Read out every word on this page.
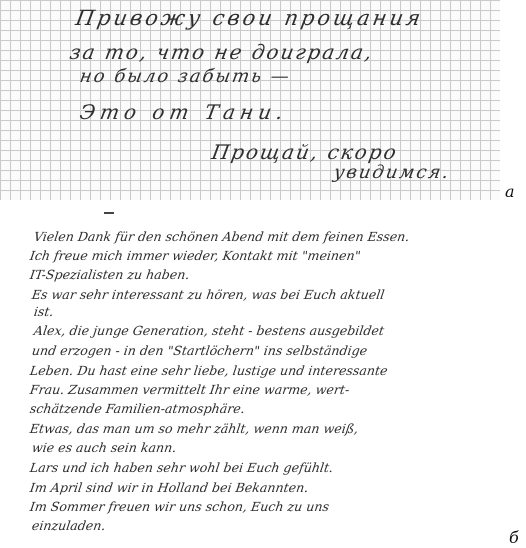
Привожу свои прощания
за то, что не доиграла,
но было забыть —
Это от Тани.
Прощай, скоро
увидимся.
a
Vielen Dank für den schönen Abend mit dem feinen Essen.
Ich freue mich immer wieder, Kontakt mit "meinen"
IT-Spezialisten zu haben.
Es war sehr interessant zu hören, was bei Euch aktuell
ist.
Alex, die junge Generation, steht - bestens ausgebildet
und erzogen - in den "Startlöchern" ins selbständige
Leben. Du hast eine sehr liebe, lustige und interessante
Frau. Zusammen vermittelt Ihr eine warme, wert-
schätzende Familien-atmosphäre.
Etwas, das man um so mehr zählt, wenn man weiß,
wie es auch sein kann.
Lars und ich haben sehr wohl bei Euch gefühlt.
Im April sind wir in Holland bei Bekannten.
Im Sommer freuen wir uns schon, Euch zu uns
einzuladen.
б
